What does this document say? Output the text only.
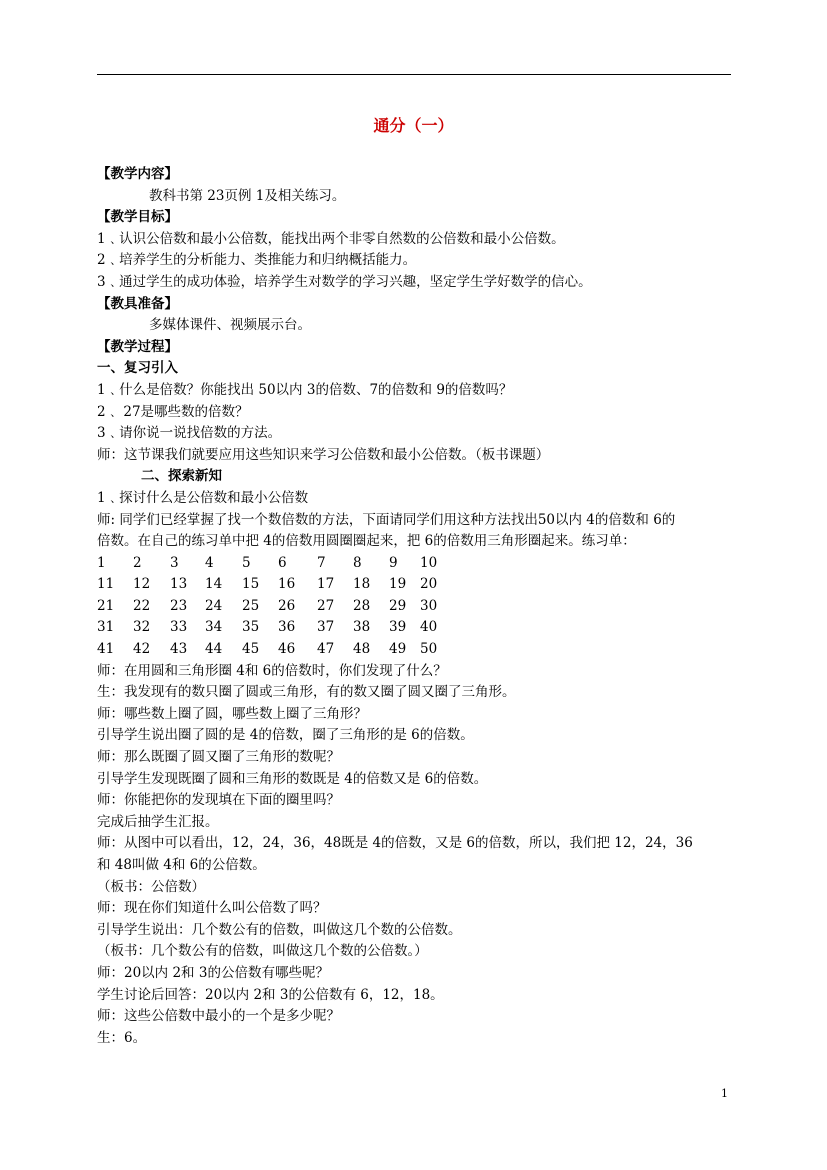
通分（一）
【教学内容】
教科书第 23页例 1及相关练习。
【教学目标】
1﹑认识公倍数和最小公倍数，能找出两个非零自然数的公倍数和最小公倍数。
2﹑培养学生的分析能力、类推能力和归纳概括能力。
3﹑通过学生的成功体验，培养学生对数学的学习兴趣，坚定学生学好数学的信心。
【教具准备】
多媒体课件、视频展示台。
【教学过程】
一、复习引入
1﹑什么是倍数？你能找出 50以内 3的倍数、7的倍数和 9的倍数吗？
2﹑ 27是哪些数的倍数？
3﹑请你说一说找倍数的方法。
师：这节课我们就要应用这些知识来学习公倍数和最小公倍数。（板书课题）
二、探索新知
1﹑探讨什么是公倍数和最小公倍数
师: 同学们已经掌握了找一个数倍数的方法，下面请同学们用这种方法找出50以内 4的倍数和 6的
倍数。在自己的练习单中把 4的倍数用圆圈圈起来，把 6的倍数用三角形圈起来。练习单：
1 2 3 4 5 6 7 8 9 10
11 12 13 14 15 16 17 18 19 20
21 22 23 24 25 26 27 28 29 30
31 32 33 34 35 36 37 38 39 40
41 42 43 44 45 46 47 48 49 50
师：在用圆和三角形圈 4和 6的倍数时，你们发现了什么？
生：我发现有的数只圈了圆或三角形，有的数又圈了圆又圈了三角形。
师：哪些数上圈了圆，哪些数上圈了三角形？
引导学生说出圈了圆的是 4的倍数，圈了三角形的是 6的倍数。
师：那么既圈了圆又圈了三角形的数呢？
引导学生发现既圈了圆和三角形的数既是 4的倍数又是 6的倍数。
师：你能把你的发现填在下面的圈里吗？
完成后抽学生汇报。
师：从图中可以看出，12，24，36，48既是 4的倍数，又是 6的倍数，所以，我们把 12，24，36
和 48叫做 4和 6的公倍数。
（板书：公倍数）
师：现在你们知道什么叫公倍数了吗？
引导学生说出：几个数公有的倍数，叫做这几个数的公倍数。
（板书：几个数公有的倍数，叫做这几个数的公倍数。）
师：20以内 2和 3的公倍数有哪些呢？
学生讨论后回答：20以内 2和 3的公倍数有 6，12，18。
师：这些公倍数中最小的一个是多少呢？
生：6。
1
